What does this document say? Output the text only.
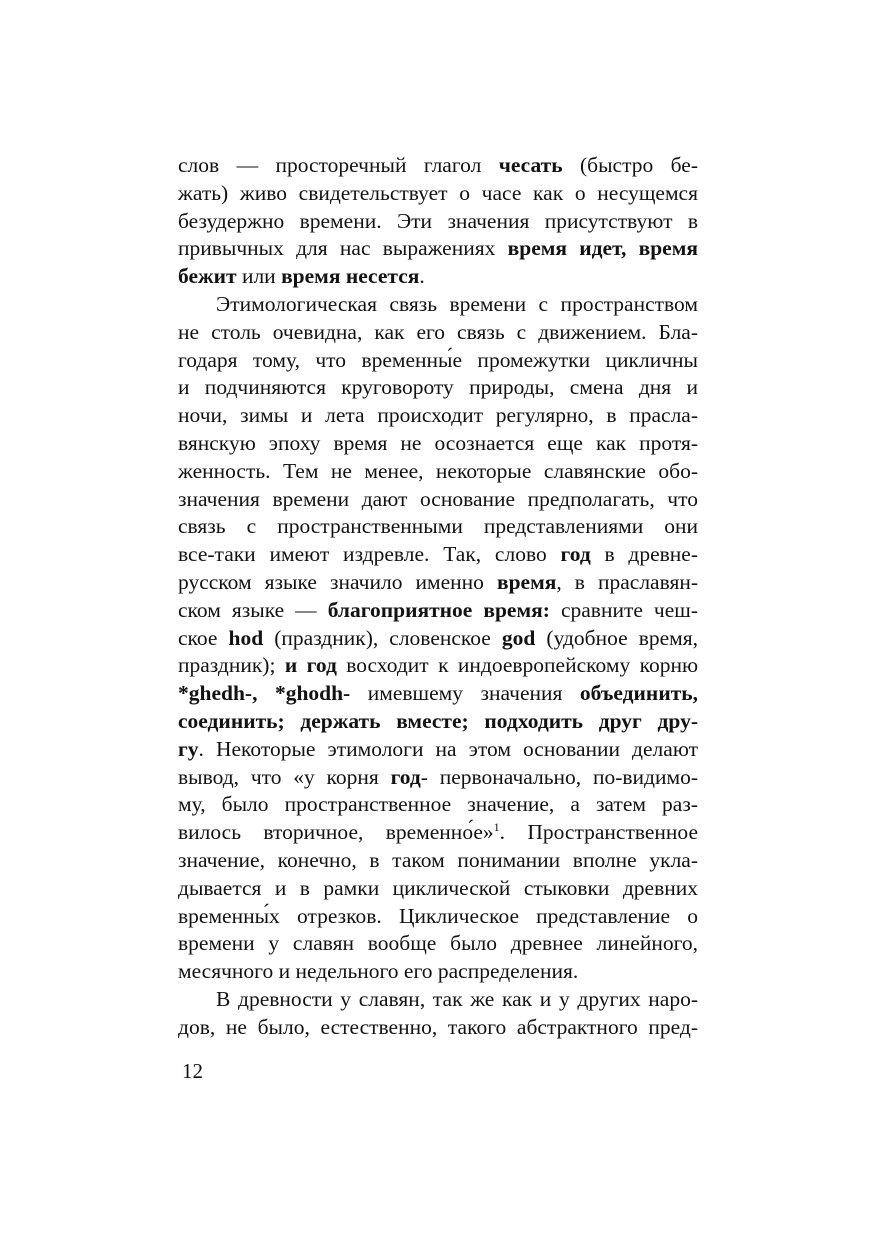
слов — просторечный глагол чесать (быстро бе-
жать) живо свидетельствует о часе как о несущемся
безудержно времени. Эти значения присутствуют в
привычных для нас выражениях время идет, время
бежит или время несется.
Этимологическая связь времени с пространством
не столь очевидна, как его связь с движением. Бла-
годаря тому, что временны́е промежутки цикличны
и подчиняются круговороту природы, смена дня и
ночи, зимы и лета происходит регулярно, в прасла-
вянскую эпоху время не осознается еще как протя-
женность. Тем не менее, некоторые славянские обо-
значения времени дают основание предполагать, что
связь с пространственными представлениями они
все-таки имеют издревле. Так, слово год в древне-
русском языке значило именно время, в праславян-
ском языке — благоприятное время: сравните чеш-
ское hod (праздник), словенское god (удобное время,
праздник); и год восходит к индоевропейскому корню
*ghedh-, *ghodh- имевшему значения объединить,
соединить; держать вместе; подходить друг дру-
гу. Некоторые этимологи на этом основании делают
вывод, что «у корня год- первоначально, по-видимо-
му, было пространственное значение, а затем раз-
вилось вторичное, временно́е»$^1$. Пространственное
значение, конечно, в таком понимании вполне укла-
дывается и в рамки циклической стыковки древних
временны́х отрезков. Циклическое представление о
времени у славян вообще было древнее линейного,
месячного и недельного его распределения.
В древности у славян, так же как и у других наро-
дов, не было, естественно, такого абстрактного пред-
12
